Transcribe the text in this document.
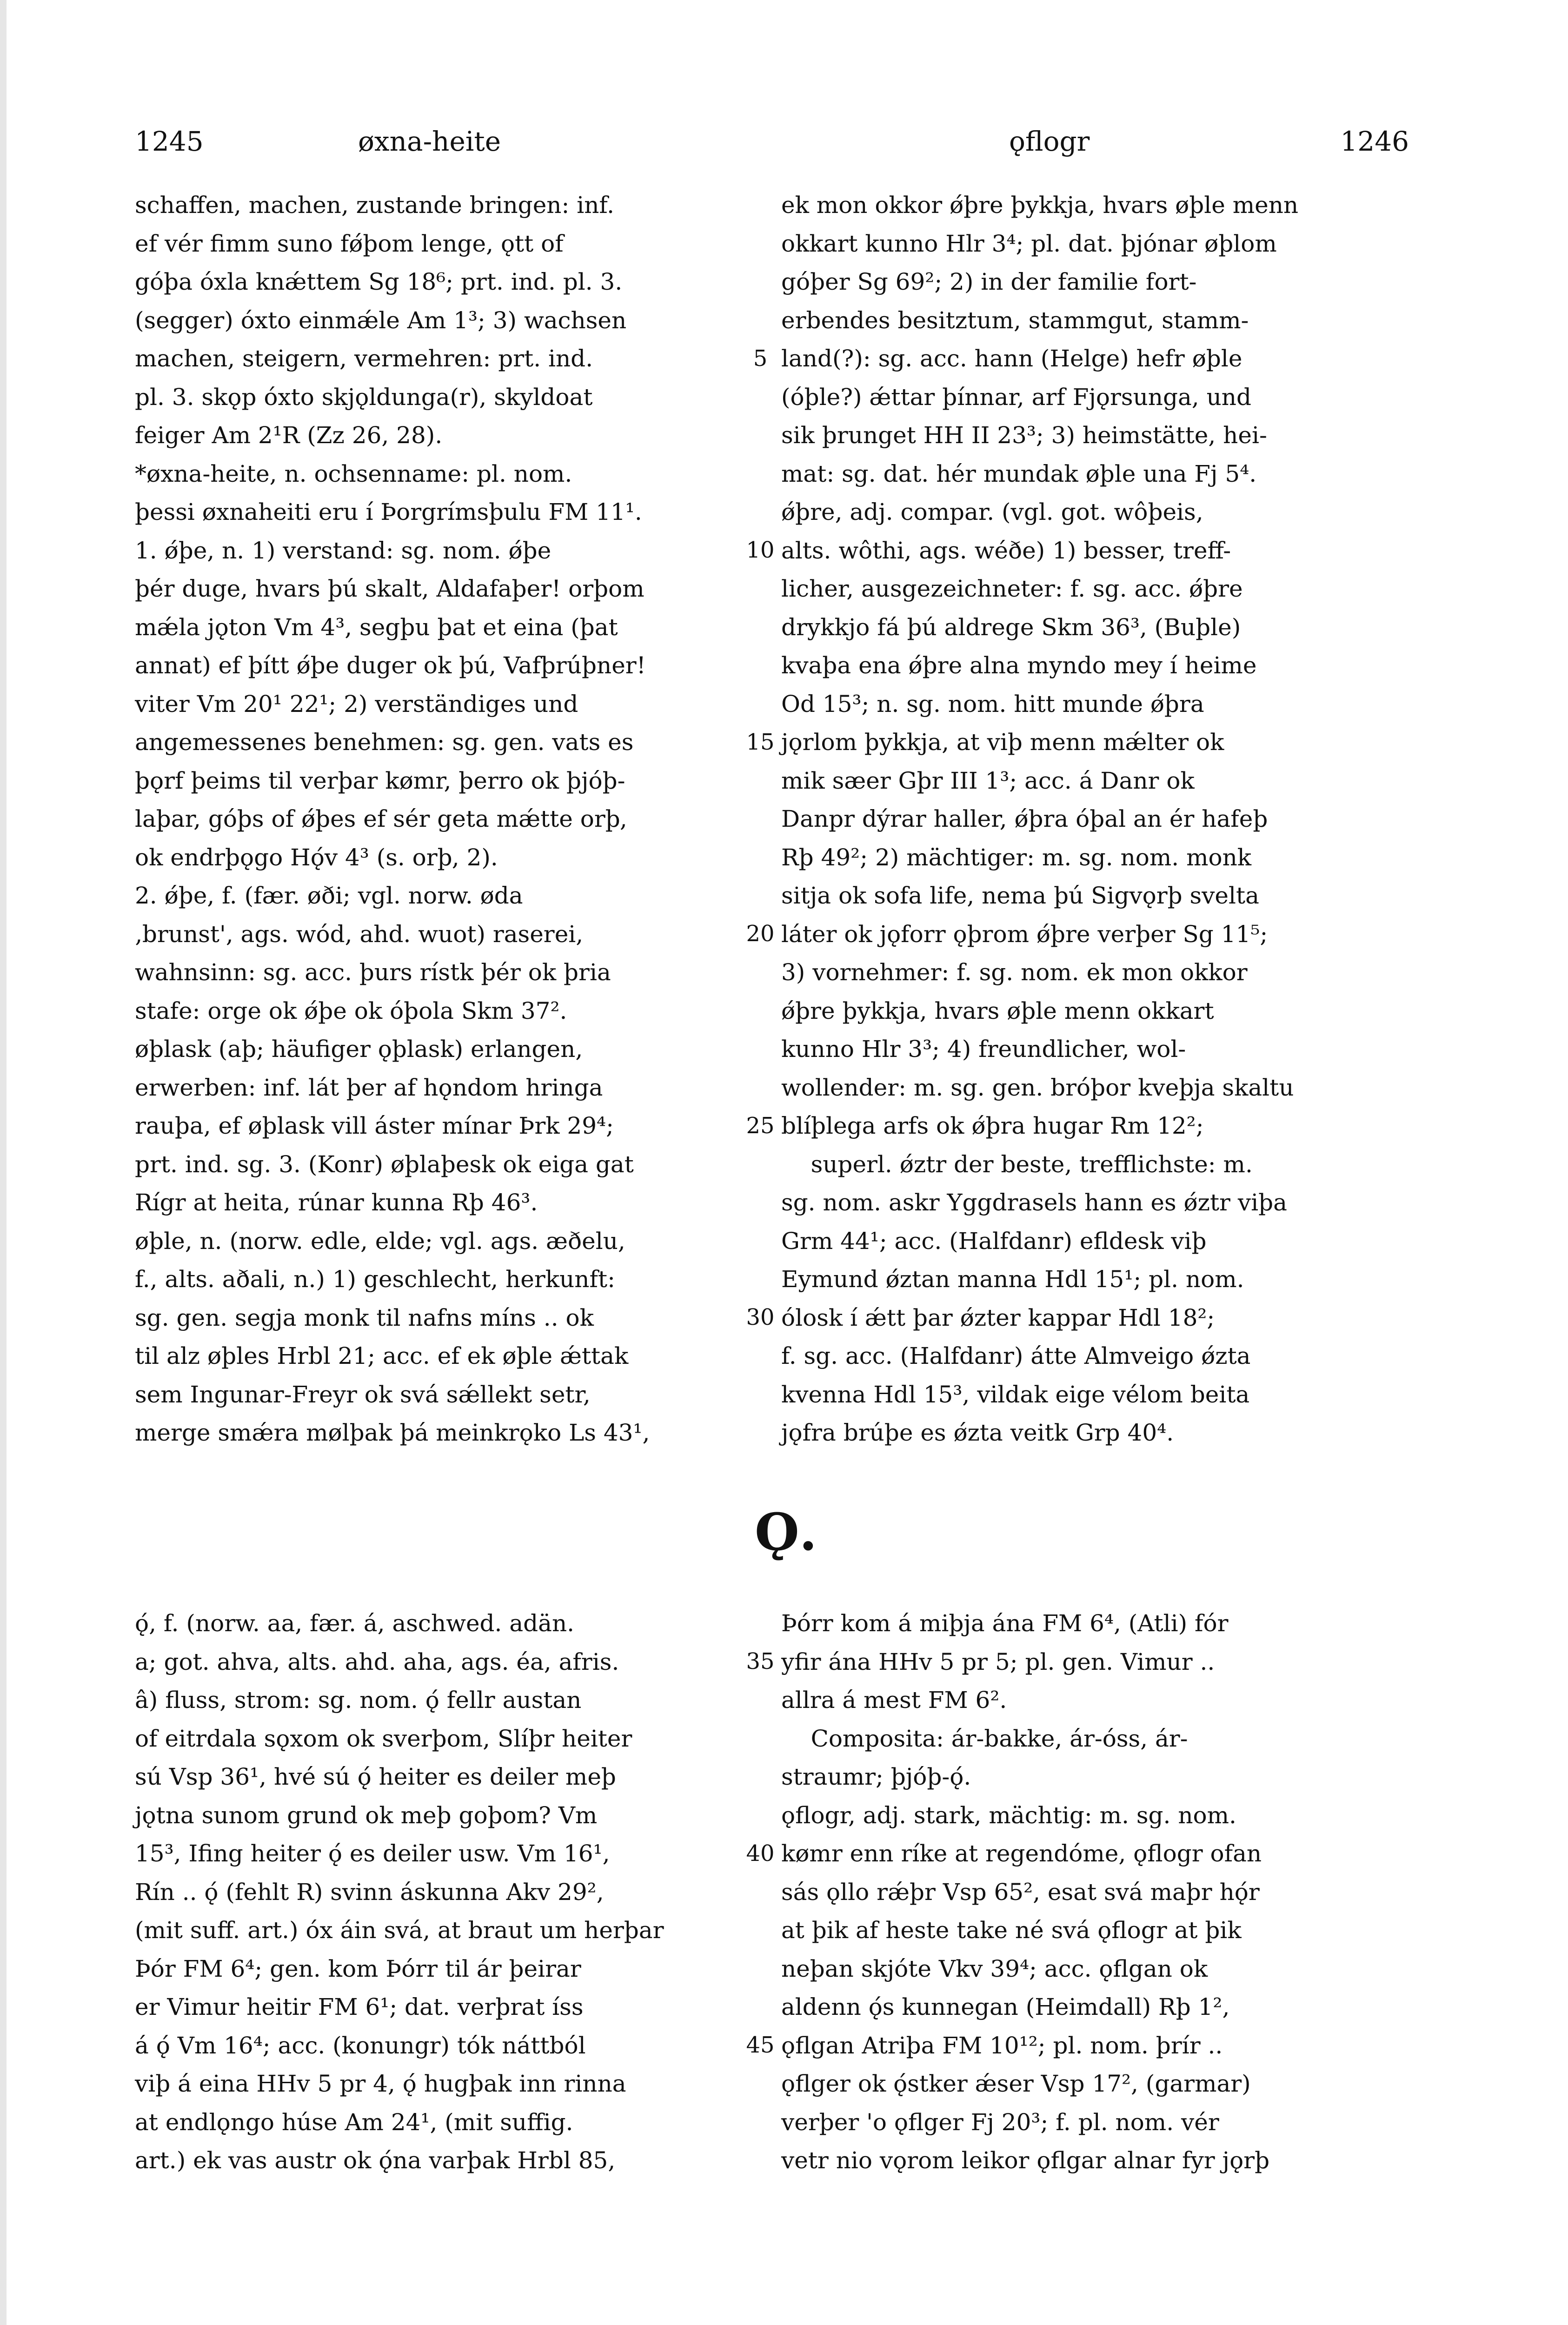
1245	øxna-heite	ǫflogr	1246
schaffen, machen, zustande bringen: inf.
ef vér fimm suno fǿþom lenge, ǫtt of
góþa óxla knǽttem Sg 18⁶; prt. ind. pl. 3.
(segger) óxto einmǽle Am 1³; 3) wachsen
machen, steigern, vermehren: prt. ind.
pl. 3. skǫp óxto skjǫldunga(r), skyldoat
feiger Am 2¹R (Zz 26, 28).
*øxna-heite, n. ochsenname: pl. nom.
þessi øxnaheiti eru í Þorgrímsþulu FM 11¹.
1. ǿþe, n. 1) verstand: sg. nom. ǿþe
þér duge, hvars þú skalt, Aldafaþer! orþom
mǽla jǫton Vm 4³, segþu þat et eina (þat
annat) ef þítt ǿþe duger ok þú, Vafþrúþner!
viter Vm 20¹ 22¹; 2) verständiges und
angemessenes benehmen: sg. gen. vats es
þǫrf þeims til verþar kømr, þerro ok þjóþ-
laþar, góþs of ǿþes ef sér geta mǽtte orþ,
ok endrþǫgo Hǫ́v 4³ (s. orþ, 2).
2. ǿþe, f. (fær. øði; vgl. norw. øda
‚brunst', ags. wód, ahd. wuot) raserei,
wahnsinn: sg. acc. þurs rístk þér ok þria
stafe: orge ok ǿþe ok óþola Skm 37².
øþlask (aþ; häufiger ǫþlask) erlangen,
erwerben: inf. lát þer af hǫndom hringa
rauþa, ef øþlask vill áster mínar Þrk 29⁴;
prt. ind. sg. 3. (Konr) øþlaþesk ok eiga gat
Rígr at heita, rúnar kunna Rþ 46³.
øþle, n. (norw. edle, elde; vgl. ags. æðelu,
f., alts. aðali, n.) 1) geschlecht, herkunft:
sg. gen. segja monk til nafns míns .. ok
til alz øþles Hrbl 21; acc. ef ek øþle ǽttak
sem Ingunar-Freyr ok svá sǽllekt setr,
merge smǽra mølþak þá meinkrǫko Ls 43¹,
ek mon okkor ǿþre þykkja, hvars øþle menn
okkart kunno Hlr 3⁴; pl. dat. þjónar øþlom
góþer Sg 69²; 2) in der familie fort-
erbendes besitztum, stammgut, stamm-
land(?): sg. acc. hann (Helge) hefr øþle
(óþle?) ǽttar þínnar, arf Fjǫrsunga, und
sik þrunget HH II 23³; 3) heimstätte, hei-
mat: sg. dat. hér mundak øþle una Fj 5⁴.
ǿþre, adj. compar. (vgl. got. wôþeis,
alts. wôthi, ags. wéðe) 1) besser, treff-
licher, ausgezeichneter: f. sg. acc. ǿþre
drykkjo fá þú aldrege Skm 36³, (Buþle)
kvaþa ena ǿþre alna myndo mey í heime
Od 15³; n. sg. nom. hitt munde ǿþra
jǫrlom þykkja, at viþ menn mǽlter ok
mik sæer Gþr III 1³; acc. á Danr ok
Danpr dýrar haller, ǿþra óþal an ér hafeþ
Rþ 49²; 2) mächtiger: m. sg. nom. monk
sitja ok sofa life, nema þú Sigvǫrþ svelta
láter ok jǫforr ǫþrom ǿþre verþer Sg 11⁵;
3) vornehmer: f. sg. nom. ek mon okkor
ǿþre þykkja, hvars øþle menn okkart
kunno Hlr 3³; 4) freundlicher, wol-
wollender: m. sg. gen. bróþor kveþja skaltu
blíþlega arfs ok ǿþra hugar Rm 12²;
superl. ǿztr der beste, trefflichste: m.
sg. nom. askr Yggdrasels hann es ǿztr viþa
Grm 44¹; acc. (Halfdanr) efldesk viþ
Eymund ǿztan manna Hdl 15¹; pl. nom.
ólosk í ǽtt þar ǿzter kappar Hdl 18²;
f. sg. acc. (Halfdanr) átte Almveigo ǿzta
kvenna Hdl 15³, vildak eige vélom beita
jǫfra brúþe es ǿzta veitk Grp 40⁴.
5
10
15
20
25
30
Ǫ.
ǫ́, f. (norw. aa, fær. á, aschwed. adän.
a; got. ahva, alts. ahd. aha, ags. éa, afris.
â) fluss, strom: sg. nom. ǫ́ fellr austan
of eitrdala sǫxom ok sverþom, Slíþr heiter
sú Vsp 36¹, hvé sú ǫ́ heiter es deiler meþ
jǫtna sunom grund ok meþ goþom? Vm
15³, Ifing heiter ǫ́ es deiler usw. Vm 16¹,
Rín .. ǫ́ (fehlt R) svinn áskunna Akv 29²,
(mit suff. art.) óx áin svá, at braut um herþar
Þór FM 6⁴; gen. kom Þórr til ár þeirar
er Vimur heitir FM 6¹; dat. verþrat íss
á ǫ́ Vm 16⁴; acc. (konungr) tók náttból
viþ á eina HHv 5 pr 4, ǫ́ hugþak inn rinna
at endlǫngo húse Am 24¹, (mit suffig.
art.) ek vas austr ok ǫ́na varþak Hrbl 85,
Þórr kom á miþja ána FM 6⁴, (Atli) fór
yfir ána HHv 5 pr 5; pl. gen. Vimur ..
allra á mest FM 6².
Composita: ár-bakke, ár-óss, ár-
straumr; þjóþ-ǫ́.
ǫflogr, adj. stark, mächtig: m. sg. nom.
kømr enn ríke at regendóme, ǫflogr ofan
sás ǫllo rǽþr Vsp 65², esat svá maþr hǫ́r
at þik af heste take né svá ǫflogr at þik
neþan skjóte Vkv 39⁴; acc. ǫflgan ok
aldenn ǫ́s kunnegan (Heimdall) Rþ 1²,
ǫflgan Atriþa FM 10¹²; pl. nom. þrír ..
ǫflger ok ǫ́stker ǽser Vsp 17², (garmar)
verþer 'o ǫflger Fj 20³; f. pl. nom. vér
vetr nio vǫrom leikor ǫflgar alnar fyr jǫrþ
35
40
45
